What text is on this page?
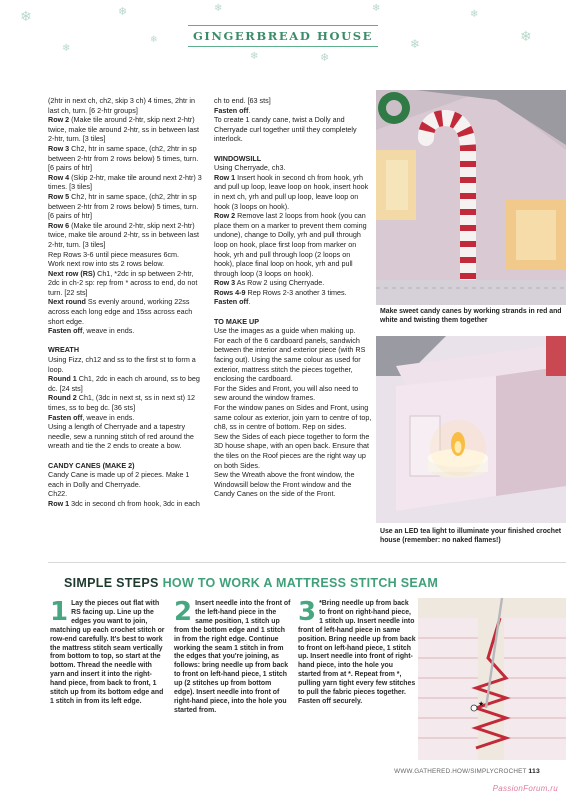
❄
❄
❄
❄
❄
❄	❄
❄
❄
❄
❄
GINGERBREAD HOUSE

(2htr in next ch, ch2, skip 3 ch) 4 times, 2htr in last ch, turn. [6 2-htr groups]

Row 2 (Make tile around 2-htr, skip next 2-htr) twice, make tile around 2-htr, ss in between last 2-htr, turn. [3 tiles]

Row 3 Ch2, htr in same space, (ch2, 2htr in sp between 2-htr from 2 rows below) 5 times, turn. [6 pairs of htr]

Row 4 (Skip 2-htr, make tile around next 2-htr) 3 times. [3 tiles]

Row 5 Ch2, htr in same space, (ch2, 2htr in sp between 2-htr from 2 rows below) 5 times, turn. [6 pairs of htr]

Row 6 (Make tile around 2-htr, skip next 2-htr) twice, make tile around 2-htr, ss in between last 2-htr, turn. [3 tiles]

Rep Rows 3-6 until piece measures 6cm.

Work next row into sts 2 rows below.

Next row (RS) Ch1, *2dc in sp between 2-htr, 2dc in ch-2 sp: rep from * across to end, do not turn. [22 sts]

Next round Ss evenly around, working 22ss across each long edge and 15ss across each short edge.

Fasten off, weave in ends.

WREATH

Using Fizz, ch12 and ss to the first st to form a loop.

Round 1 Ch1, 2dc in each ch around, ss to beg dc. [24 sts]

Round 2 Ch1, (3dc in next st, ss in next st) 12 times, ss to beg dc. [36 sts]

Fasten off, weave in ends.

Using a length of Cherryade and a tapestry needle, sew a running stitch of red around the wreath and tie the 2 ends to create a bow.

CANDY CANES (MAKE 2)

Candy Cane is made up of 2 pieces. Make 1 each in Dolly and Cherryade.

Ch22.

Row 1 3dc in second ch from hook, 3dc in each

ch to end. [63 sts]

Fasten off.

To create 1 candy cane, twist a Dolly and Cherryade curl together until they completely interlock.

WINDOWSILL

Using Cherryade, ch3.

Row 1 Insert hook in second ch from hook, yrh and pull up loop, leave loop on hook, insert hook in next ch, yrh and pull up loop, leave loop on hook (3 loops on hook).

Row 2 Remove last 2 loops from hook (you can place them on a marker to prevent them coming undone), change to Dolly, yrh and pull through loop on hook, place first loop from marker on hook, yrh and pull through loop (2 loops on hook), place final loop on hook, yrh and pull through loop (3 loops on hook).

Row 3 As Row 2 using Cherryade.

Rows 4-9 Rep Rows 2-3 another 3 times.

Fasten off.

TO MAKE UP

Use the images as a guide when making up.

For each of the 6 cardboard panels, sandwich between the interior and exterior piece (with RS facing out). Using the same colour as used for exterior, mattress stitch the pieces together, enclosing the cardboard.

For the Sides and Front, you will also need to sew around the window frames.

For the window panes on Sides and Front, using same colour as exterior, join yarn to centre of top, ch8, ss in centre of bottom. Rep on sides.

Sew the Sides of each piece together to form the 3D house shape, with an open back. Ensure that the tiles on the Roof pieces are the right way up on both Sides.

Sew the Wreath above the front window, the Windowsill below the Front window and the Candy Canes on the side of the Front.

Make sweet candy canes by working strands in red and white and twisting them together
Use an LED tea light to illuminate your finished crochet house (remember: no naked flames!)
SIMPLE STEPS HOW TO WORK A MATTRESS STITCH SEAM
1 Lay the pieces out flat with RS facing up. Line up the edges you want to join, matching up each crochet stitch or row-end carefully. It's best to work the mattress stitch seam vertically from bottom to top, so start at the bottom. Thread the needle with yarn and insert it into the right-hand piece, from back to front, 1 stitch up from its bottom edge and 1 stitch in from its left edge.
2 Insert needle into the front of the left-hand piece in the same position, 1 stitch up from the bottom edge and 1 stitch in from the right edge. Continue working the seam 1 stitch in from the edges that you're joining, as follows: bring needle up from back to front on left-hand piece, 1 stitch up (2 stitches up from bottom edge). Insert needle into front of right-hand piece, into the hole you started from.
3 *Bring needle up from back to front on right-hand piece, 1 stitch up. Insert needle into front of left-hand piece in same position. Bring needle up from back to front on left-hand piece, 1 stitch up. Insert needle into front of right-hand piece, into the hole you started from at *. Repeat from *, pulling yarn tight every few stitches to pull the fabric pieces together. Fasten off securely.	★
WWW.GATHERED.HOW/SIMPLYCROCHET 113
PassionForum.ru
